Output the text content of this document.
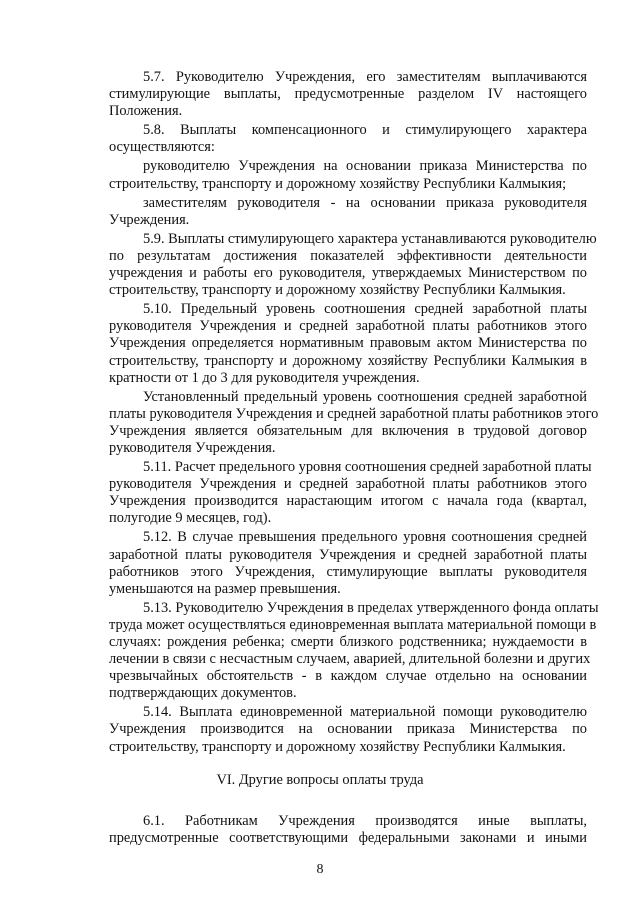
5.7. Руководителю Учреждения, его заместителям выплачиваются
стимулирующие выплаты, предусмотренные разделом IV настоящего
Положения.
5.8. Выплаты компенсационного и стимулирующего характера
осуществляются:
руководителю Учреждения на основании приказа Министерства по
строительству, транспорту и дорожному хозяйству Республики Калмыкия;
заместителям руководителя - на основании приказа руководителя
Учреждения.
5.9. Выплаты стимулирующего характера устанавливаются руководителю
по результатам достижения показателей эффективности деятельности
учреждения и работы его руководителя, утверждаемых Министерством по
строительству, транспорту и дорожному хозяйству Республики Калмыкия.
5.10. Предельный уровень соотношения средней заработной платы
руководителя Учреждения и средней заработной платы работников этого
Учреждения определяется нормативным правовым актом Министерства по
строительству, транспорту и дорожному хозяйству Республики Калмыкия в
кратности от 1 до 3 для руководителя учреждения.
Установленный предельный уровень соотношения средней заработной
платы руководителя Учреждения и средней заработной платы работников этого
Учреждения является обязательным для включения в трудовой договор
руководителя Учреждения.
5.11. Расчет предельного уровня соотношения средней заработной платы
руководителя Учреждения и средней заработной платы работников этого
Учреждения производится нарастающим итогом с начала года (квартал,
полугодие 9 месяцев, год).
5.12. В случае превышения предельного уровня соотношения средней
заработной платы руководителя Учреждения и средней заработной платы
работников этого Учреждения, стимулирующие выплаты руководителя
уменьшаются на размер превышения.
5.13. Руководителю Учреждения в пределах утвержденного фонда оплаты
труда может осуществляться единовременная выплата материальной помощи в
случаях: рождения ребенка; смерти близкого родственника; нуждаемости в
лечении в связи с несчастным случаем, аварией, длительной болезни и других
чрезвычайных обстоятельств - в каждом случае отдельно на основании
подтверждающих документов.
5.14. Выплата единовременной материальной помощи руководителю
Учреждения производится на основании приказа Министерства по
строительству, транспорту и дорожному хозяйству Республики Калмыкия.
VI. Другие вопросы оплаты труда
6.1. Работникам Учреждения производятся иные выплаты,
предусмотренные соответствующими федеральными законами и иными
8
